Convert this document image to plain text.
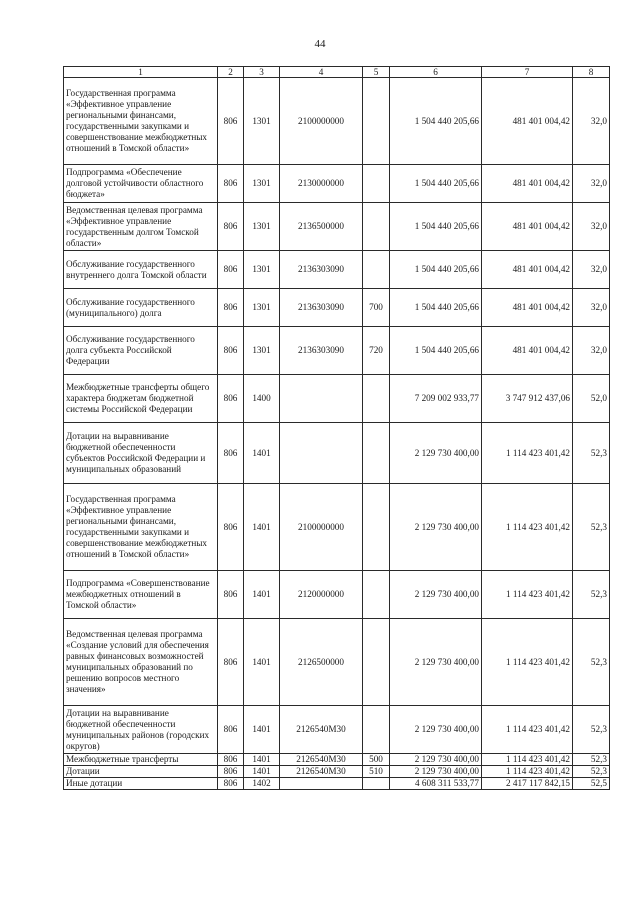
44
1	2	3	4	5	6	7	8
Государственная программа «Эффективное управление региональными финансами, государственными закупками и совершенствование межбюджетных отношений в Томской области»	806	1301	2100000000		1 504 440 205,66	481 401 004,42	32,0
Подпрограмма «Обеспечение долговой устойчивости областного бюджета»	806	1301	2130000000		1 504 440 205,66	481 401 004,42	32,0
Ведомственная целевая программа «Эффективное управление государственным долгом Томской области»	806	1301	2136500000		1 504 440 205,66	481 401 004,42	32,0
Обслуживание государственного внутреннего долга Томской области	806	1301	2136303090		1 504 440 205,66	481 401 004,42	32,0
Обслуживание государственного (муниципального) долга	806	1301	2136303090	700	1 504 440 205,66	481 401 004,42	32,0
Обслуживание государственного долга субъекта Российской Федерации	806	1301	2136303090	720	1 504 440 205,66	481 401 004,42	32,0
Межбюджетные трансферты общего характера бюджетам бюджетной системы Российской Федерации	806	1400			7 209 002 933,77	3 747 912 437,06	52,0
Дотации на выравнивание бюджетной обеспеченности субъектов Российской Федерации и муниципальных образований	806	1401			2 129 730 400,00	1 114 423 401,42	52,3
Государственная программа «Эффективное управление региональными финансами, государственными закупками и совершенствование межбюджетных отношений в Томской области»	806	1401	2100000000		2 129 730 400,00	1 114 423 401,42	52,3
Подпрограмма «Совершенствование межбюджетных отношений в Томской области»	806	1401	2120000000		2 129 730 400,00	1 114 423 401,42	52,3
Ведомственная целевая программа «Создание условий для обеспечения равных финансовых возможностей муниципальных образований по решению вопросов местного значения»	806	1401	2126500000		2 129 730 400,00	1 114 423 401,42	52,3
Дотации на выравнивание бюджетной обеспеченности муниципальных районов (городских округов)	806	1401	2126540М30		2 129 730 400,00	1 114 423 401,42	52,3
Межбюджетные трансферты	806	1401	2126540М30	500	2 129 730 400,00	1 114 423 401,42	52,3
Дотации	806	1401	2126540М30	510	2 129 730 400,00	1 114 423 401,42	52,3
Иные дотации	806	1402			4 608 311 533,77	2 417 117 842,15	52,5
